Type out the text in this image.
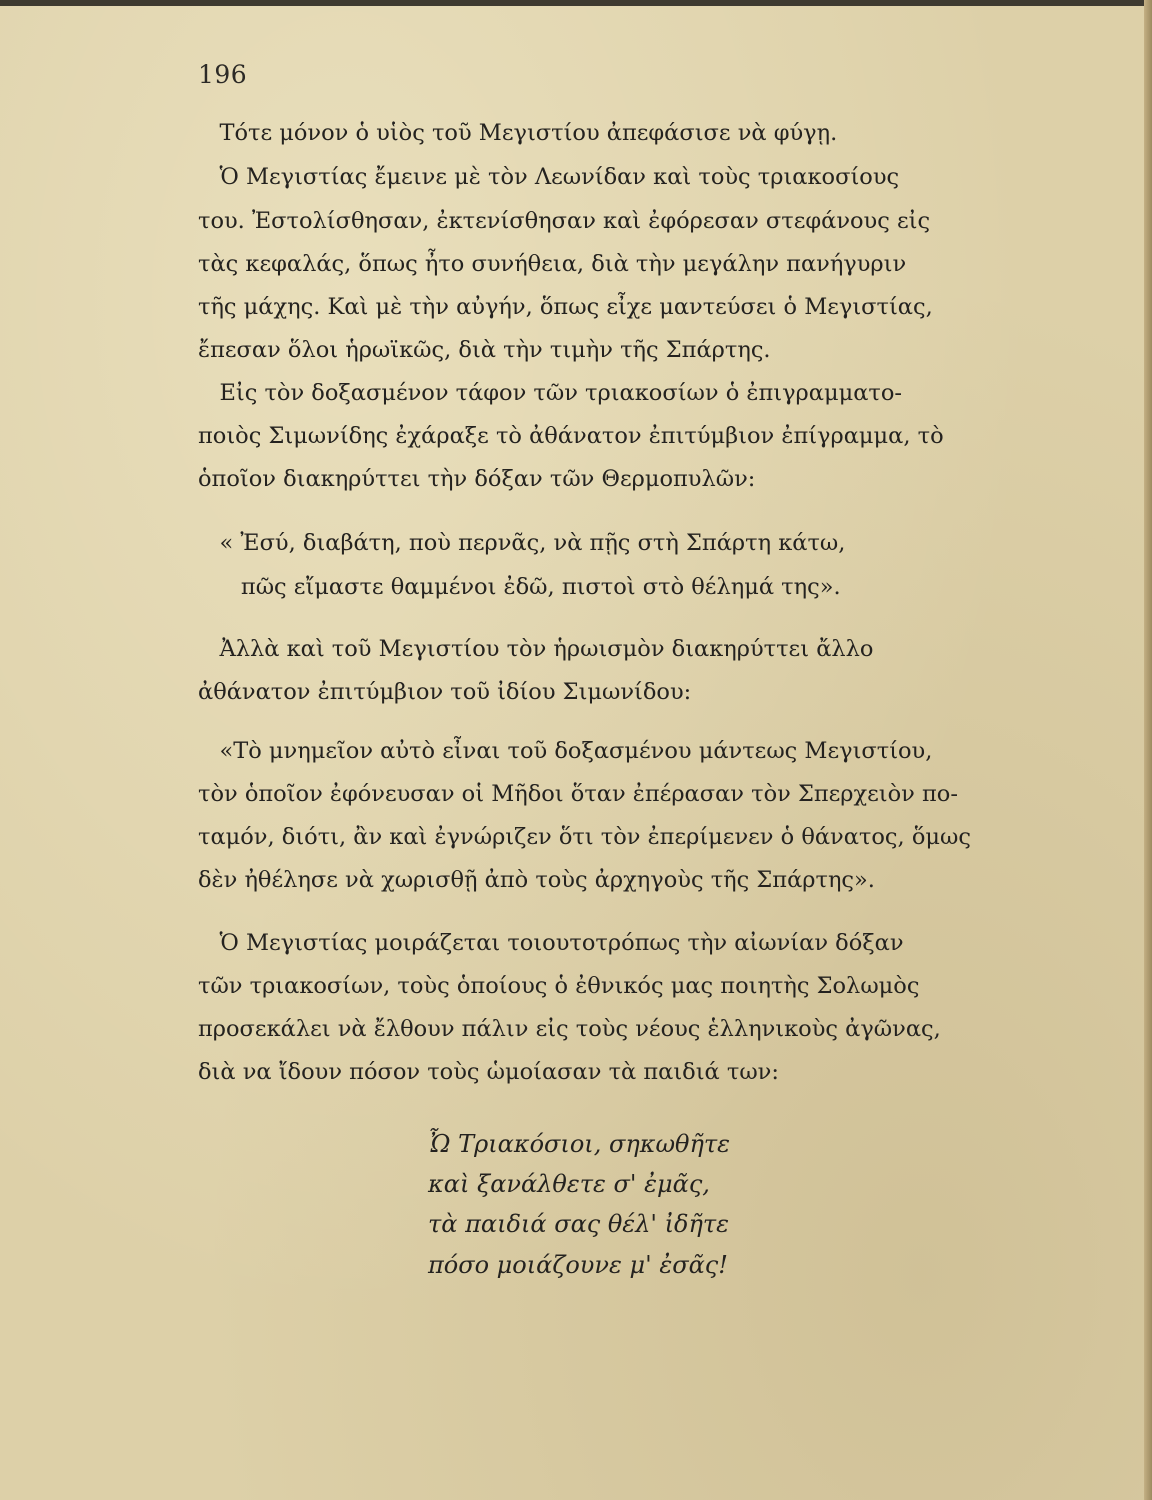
196
Τότε μόνον ὁ υἱὸς τοῦ Μεγιστίου ἀπεφάσισε νὰ φύγῃ.
Ὁ Μεγιστίας ἔμεινε μὲ τὸν Λεωνίδαν καὶ τοὺς τριακοσίους
του. Ἐστολίσθησαν, ἐκτενίσθησαν καὶ ἐφόρεσαν στεφάνους εἰς
τὰς κεφαλάς, ὅπως ἦτο συνήθεια, διὰ τὴν μεγάλην πανήγυριν
τῆς μάχης. Καὶ μὲ τὴν αὐγήν, ὅπως εἶχε μαντεύσει ὁ Μεγιστίας,
ἔπεσαν ὅλοι ἡρωϊκῶς, διὰ τὴν τιμὴν τῆς Σπάρτης.
Εἰς τὸν δοξασμένον τάφον τῶν τριακοσίων ὁ ἐπιγραμματο-
ποιὸς Σιμωνίδης ἐχάραξε τὸ ἀθάνατον ἐπιτύμβιον ἐπίγραμμα, τὸ
ὁποῖον διακηρύττει τὴν δόξαν τῶν Θερμοπυλῶν:
« Ἐσύ, διαβάτη, ποὺ περνᾶς, νὰ πῇς στὴ Σπάρτη κάτω,
πῶς εἴμαστε θαμμένοι ἐδῶ, πιστοὶ στὸ θέλημά της».
Ἀλλὰ καὶ τοῦ Μεγιστίου τὸν ἡρωισμὸν διακηρύττει ἄλλο
ἀθάνατον ἐπιτύμβιον τοῦ ἰδίου Σιμωνίδου:
«Τὸ μνημεῖον αὐτὸ εἶναι τοῦ δοξασμένου μάντεως Μεγιστίου,
τὸν ὁποῖον ἐφόνευσαν οἱ Μῆδοι ὅταν ἐπέρασαν τὸν Σπερχειὸν πο-
ταμόν, διότι, ἂν καὶ ἐγνώριζεν ὅτι τὸν ἐπερίμενεν ὁ θάνατος, ὅμως
δὲν ἠθέλησε νὰ χωρισθῇ ἀπὸ τοὺς ἀρχηγοὺς τῆς Σπάρτης».
Ὁ Μεγιστίας μοιράζεται τοιουτοτρόπως τὴν αἰωνίαν δόξαν
τῶν τριακοσίων, τοὺς ὁποίους ὁ ἐθνικός μας ποιητὴς Σολωμὸς
προσεκάλει νὰ ἔλθουν πάλιν εἰς τοὺς νέους ἑλληνικοὺς ἀγῶνας,
διὰ να ἴδουν πόσον τοὺς ὡμοίασαν τὰ παιδιά των:
Ὦ Τριακόσιοι, σηκωθῆτε
καὶ ξανάλθετε σ' ἐμᾶς,
τὰ παιδιά σας θέλ' ἰδῆτε
πόσο μοιάζουνε μ' ἐσᾶς!
